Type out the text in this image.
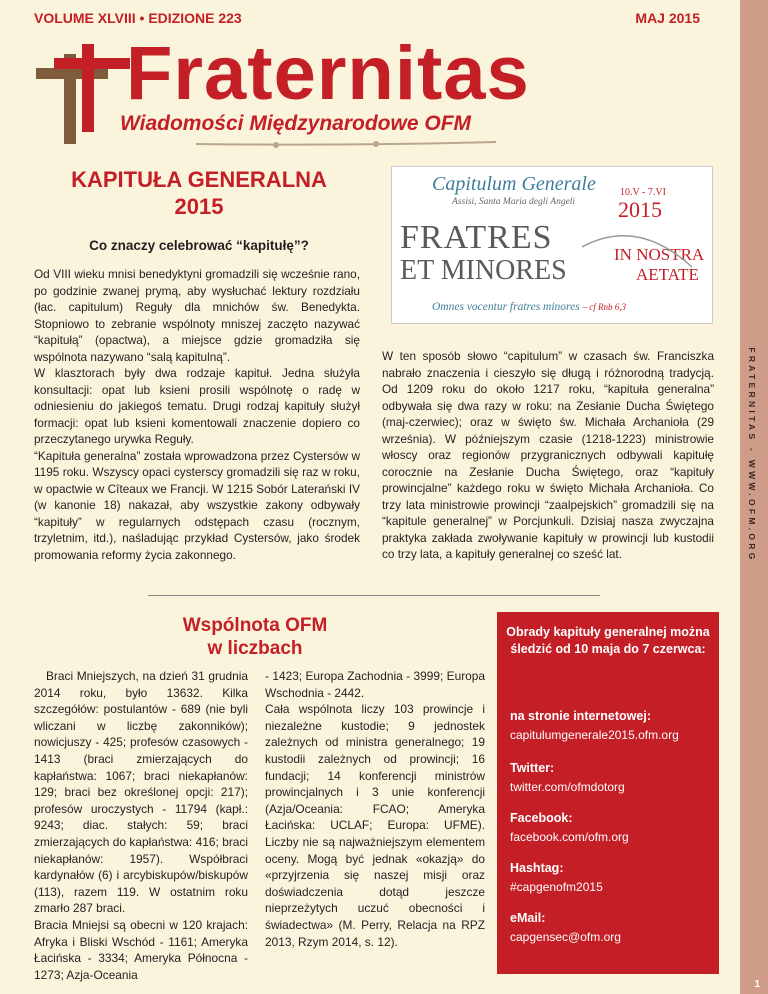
FRATERNITAS - WWW.OFM.ORG
1
VOLUME XLVIII • EDIZIONE 223	MAJ 2015
Fraternitas
Wiadomości Międzynarodowe OFM
KAPITUŁA GENERALNA
2015
Co znaczy celebrować “kapitułę”?
Od VIII wieku mnisi benedyktyni gromadzili się wcześnie rano, po godzinie zwanej prymą, aby wysłuchać lektury rozdziału (łac. capitulum) Reguły dla mnichów św. Benedykta. Stopniowo to zebranie wspólnoty mniszej zaczęto nazywać “kapitułą” (opactwa), a miejsce gdzie gromadziła się wspólnota nazywano “salą kapitulną”.
W klasztorach były dwa rodzaje kapituł. Jedna służyła konsultacji: opat lub ksieni prosili wspólnotę o radę w odniesieniu do jakiegoś tematu. Drugi rodzaj kapituły służył formacji: opat lub ksieni komentowali znaczenie dopiero co przeczytanego urywka Reguły.
“Kapituła generalna” została wprowadzona przez Cystersów w 1195 roku. Wszyscy opaci cysterscy gromadzili się raz w roku, w opactwie w Cîteaux we Francji. W 1215 Sobór Laterański IV (w kanonie 18) nakazał, aby wszystkie zakony odbywały “kapituły” w regularnych odstępach czasu (rocznym, trzyletnim, itd.), naśladując przykład Cystersów, jako środek promowania reformy życia zakonnego.
Capitulum Generale
Assisi, Santa Maria degli Angeli
10.V - 7.VI
2015
FRATRES
ET MINORES
IN NOSTRA
AETATE
Omnes vocentur fratres minores – cf Rnb 6,3
W ten sposób słowo “capitulum” w czasach św. Franciszka nabrało znaczenia i cieszyło się długą i różnorodną tradycją. Od 1209 roku do około 1217 roku, “kapituła generalna” odbywała się dwa razy w roku: na Zesłanie Ducha Świętego (maj-czerwiec); oraz w święto św. Michała Archanioła (29 września). W późniejszym czasie (1218-1223) ministrowie włoscy oraz regionów przygranicznych odbywali kapitułę corocznie na Zesłanie Ducha Świętego, oraz “kapituły prowincjalne” każdego roku w święto Michała Archanioła. Co trzy lata ministrowie prowincji “zaalpejskich” gromadzili się na “kapitule generalnej” w Porcjunkuli. Dzisiaj nasza zwyczajna praktyka zakłada zwoływanie kapituły w prowincji lub kustodii co trzy lata, a kapituły generalnej co sześć lat.
Wspólnota OFM
w liczbach
Braci Mniejszych, na dzień 31 grudnia 2014 roku, było 13632. Kilka szczegółów: postulantów - 689 (nie byli wliczani w liczbę zakonników); nowicjuszy - 425; profesów czasowych - 1413 (braci zmierzających do kapłaństwa: 1067; braci niekapłanów: 129; braci bez określonej opcji: 217); profesów uroczystych - 11794 (kapł.: 9243; diac. stałych: 59; braci zmierzających do kapłaństwa: 416; braci niekapłanów: 1957). Współbraci kardynałów (6) i arcybiskupów/biskupów (113), razem 119. W ostatnim roku zmarło 287 braci.
Bracia Mniejsi są obecni w 120 krajach: Afryka i Bliski Wschód - 1161; Ameryka Łacińska - 3334; Ameryka Północna - 1273; Azja-Oceania
- 1423; Europa Zachodnia - 3999; Europa Wschodnia - 2442.
Cała wspólnota liczy 103 prowincje i niezależne kustodie; 9 jednostek zależnych od ministra generalnego; 19 kustodii zależnych od prowincji; 16 fundacji; 14 konferencji ministrów prowincjalnych i 3 unie konferencji (Azja/Oceania: FCAO; Ameryka Łacińska: UCLAF; Europa: UFME). Liczby nie są najważniejszym elementem oceny. Mogą być jednak «okazją» do «przyjrzenia się naszej misji oraz doświadczenia dotąd jeszcze nieprzeżytych uczuć obecności i świadectwa» (M. Perry, Relacja na RPZ 2013, Rzym 2014, s. 12).
Obrady kapituły generalnej można śledzić od 10 maja do 7 czerwca:
na stronie internetowej:
capitulumgenerale2015.ofm.org
Twitter:
twitter.com/ofmdotorg
Facebook:
facebook.com/ofm.org
Hashtag:
#capgenofm2015
eMail:
capgensec@ofm.org
